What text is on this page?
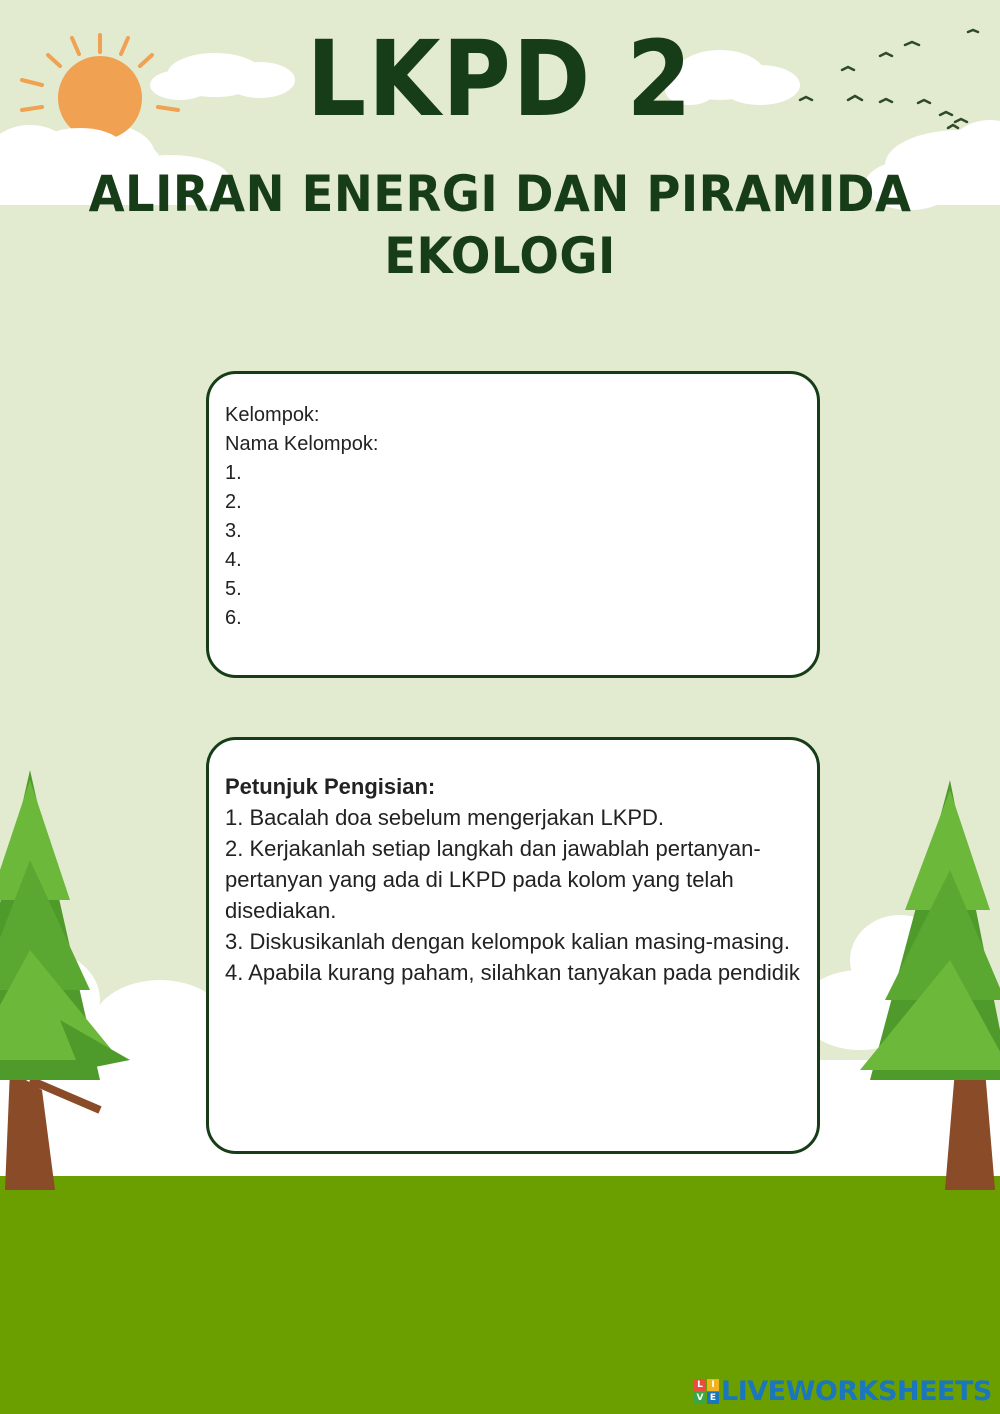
LKPD 2
ALIRAN ENERGI DAN PIRAMIDA
EKOLOGI
Kelompok:
Nama Kelompok:
1.
2.
3.
4.
5.
6.
Petunjuk Pengisian:
1. Bacalah doa sebelum mengerjakan LKPD.
2. Kerjakanlah setiap langkah dan jawablah pertanyan-pertanyan yang ada di LKPD pada kolom yang telah disediakan.
3. Diskusikanlah dengan kelompok kalian masing-masing.
4. Apabila kurang paham, silahkan tanyakan pada pendidik
L I
V E LIVEWORKSHEETS
